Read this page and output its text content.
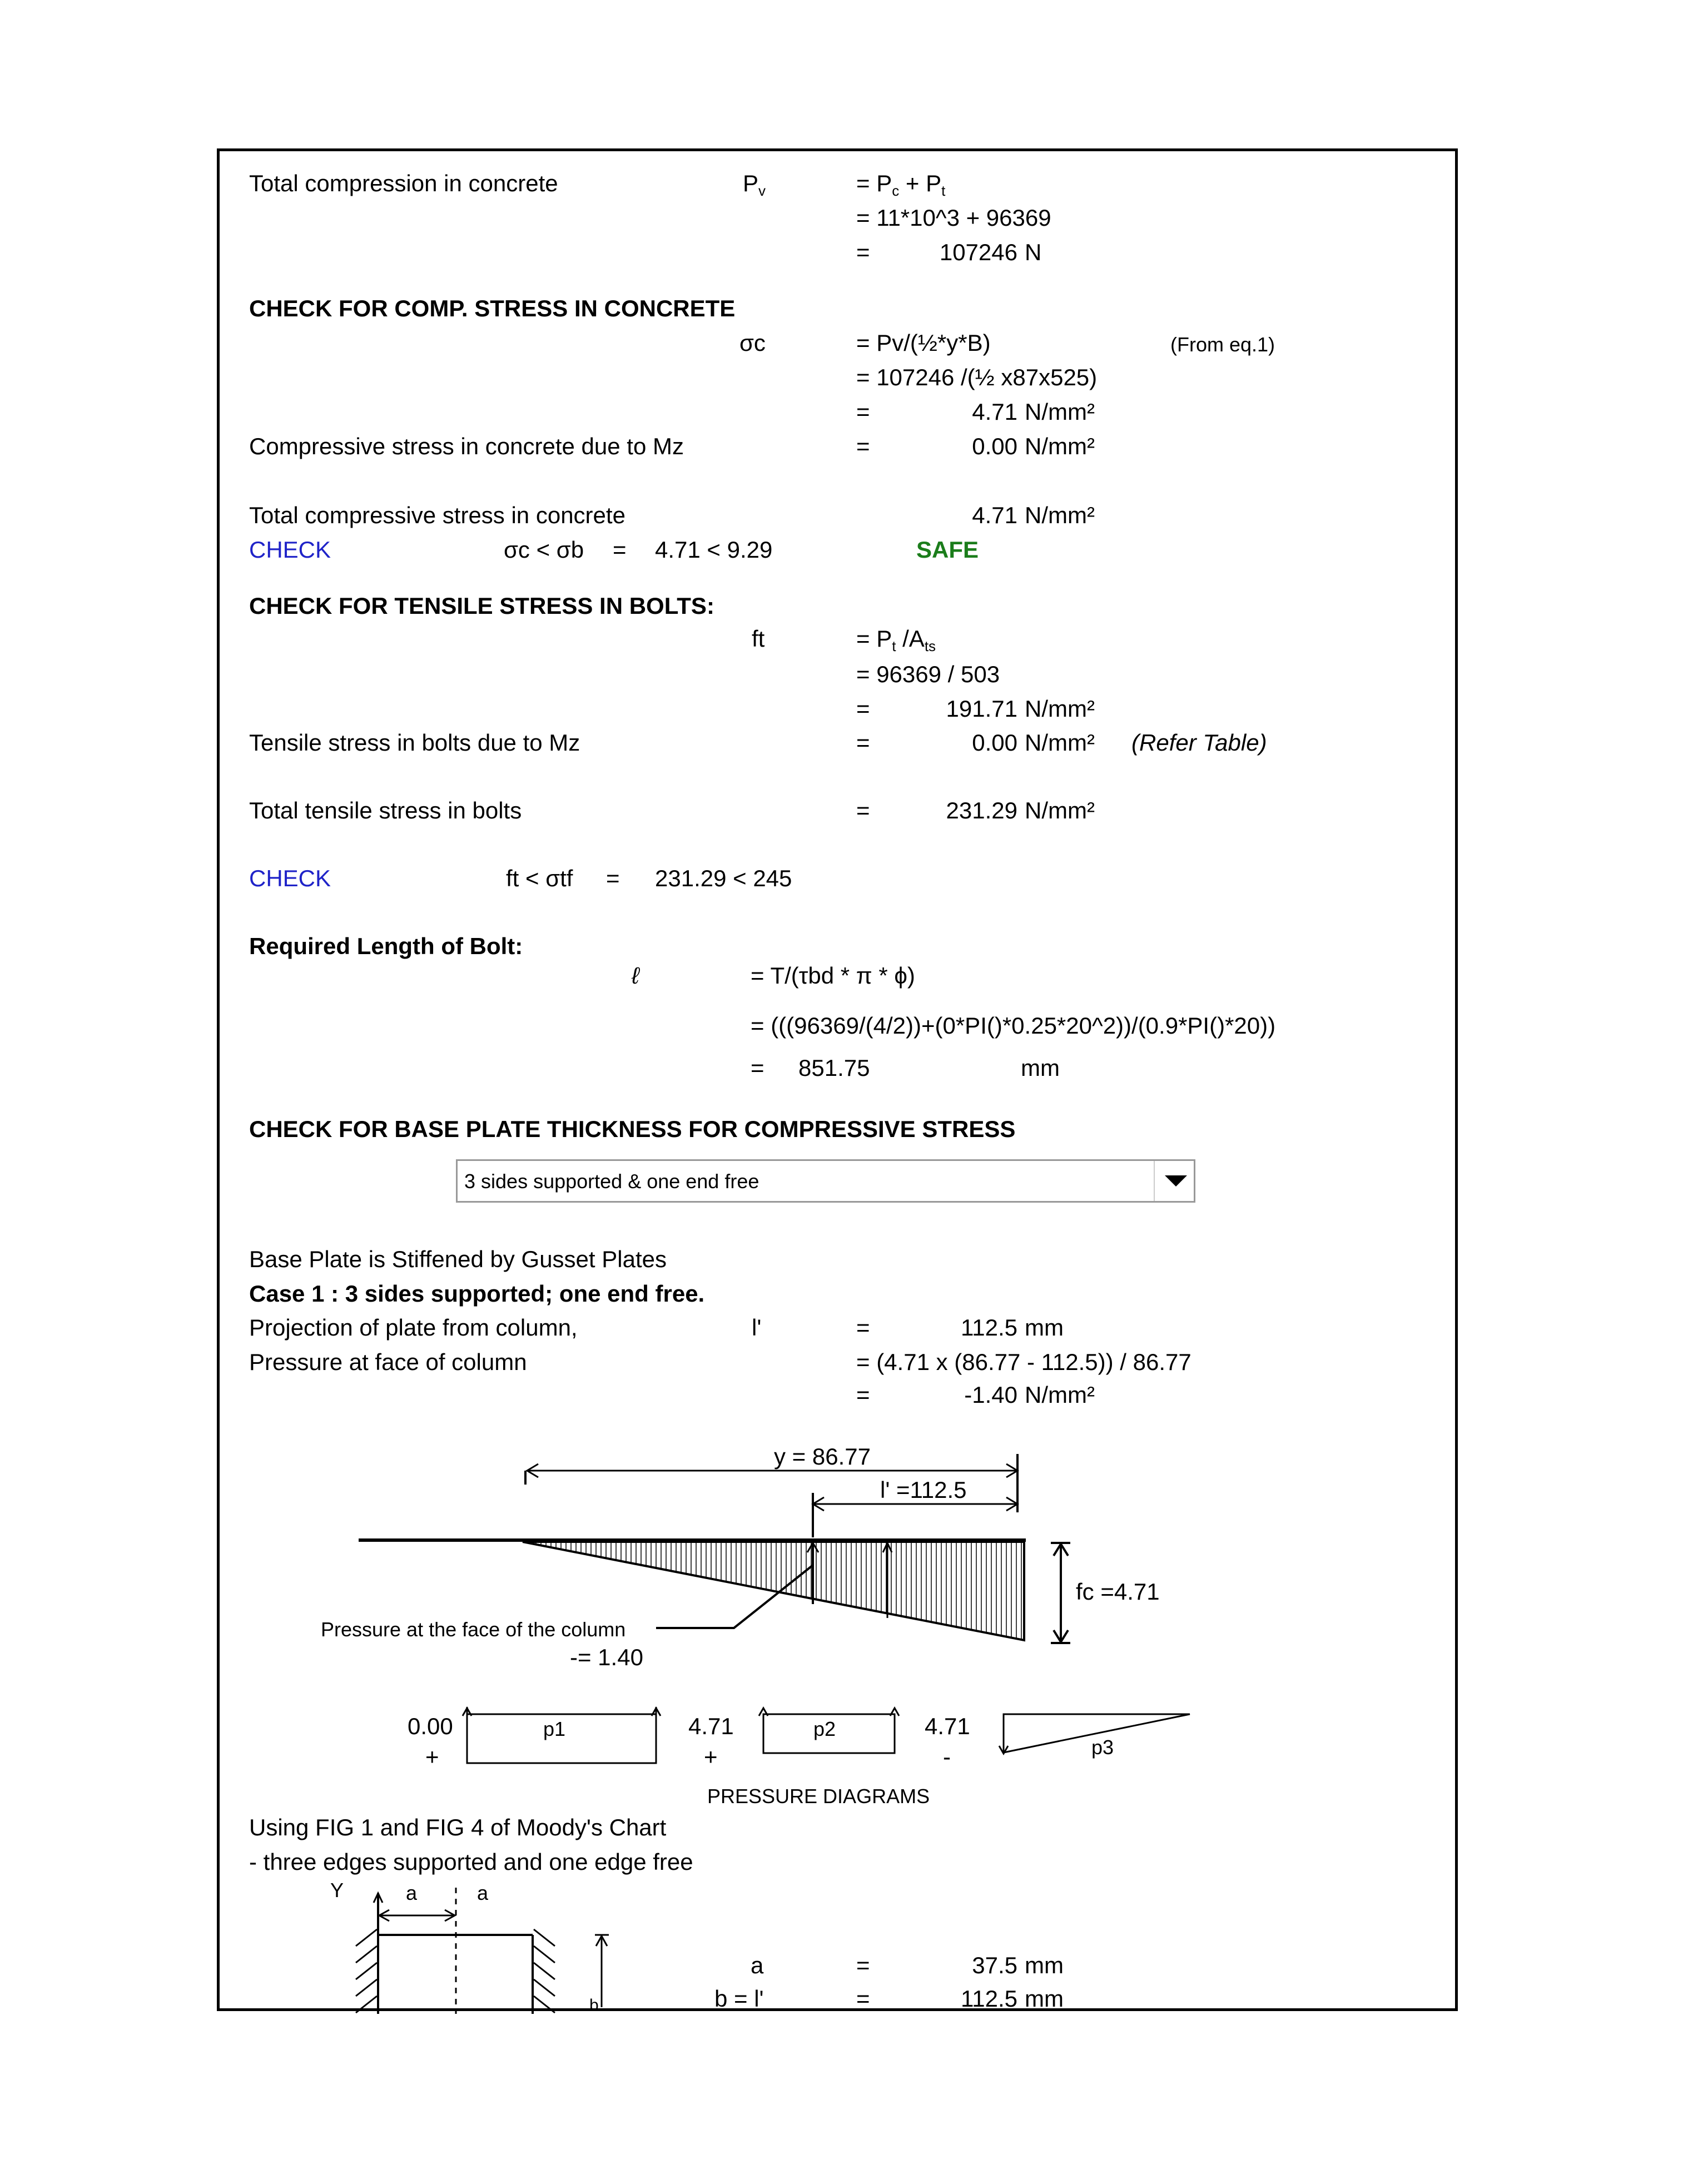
Total compression in concrete	$P_v$	= $P_c + P_t$
= 11*10^3 + 96369
=	107246 N
CHECK FOR COMP. STRESS IN CONCRETE
σc	= Pv/(½*y*B)	(From eq.1)
= 107246 /(½ x87x525)
=	4.71 N/mm²
Compressive stress in concrete due to Mz	=	0.00 N/mm²
Total compressive stress in concrete	4.71 N/mm²
CHECK	σc < σb = 4.71 < 9.29	SAFE
CHECK FOR TENSILE STRESS IN BOLTS:
ft	= $P_t$ $/A_{ts}$
= 96369 / 503
=	191.71 N/mm²
Tensile stress in bolts due to Mz	=	0.00 N/mm² (Refer Table)
Total tensile stress in bolts	=	231.29 N/mm²
CHECK	ft < σtf = 231.29 < 245
Required Length of Bolt:
ℓ	= T/(τbd * π * ϕ)
= (((96369/(4/2))+(0*PI()*0.25*20^2))/(0.9*PI()*20))
= 851.75	mm
CHECK FOR BASE PLATE THICKNESS FOR COMPRESSIVE STRESS
3 sides supported & one end free
Base Plate is Stiffened by Gusset Plates
Case 1 : 3 sides supported; one end free.
Projection of plate from column,	l'	=	112.5 mm
Pressure at face of column	= (4.71 x (86.77 - 112.5)) / 86.77
=	-1.40 N/mm²
y = 86.77
l' =112.5
fc =4.71
Pressure at the face of the column
-= 1.40
0.00
+
p1	4.71
+
p2	4.71
-	p3
PRESSURE DIAGRAMS
Using FIG 1 and FIG 4 of Moody's Chart
- three edges supported and one edge free
Y	a	a
b
a	=	37.5 mm
b = l'	=	112.5 mm
